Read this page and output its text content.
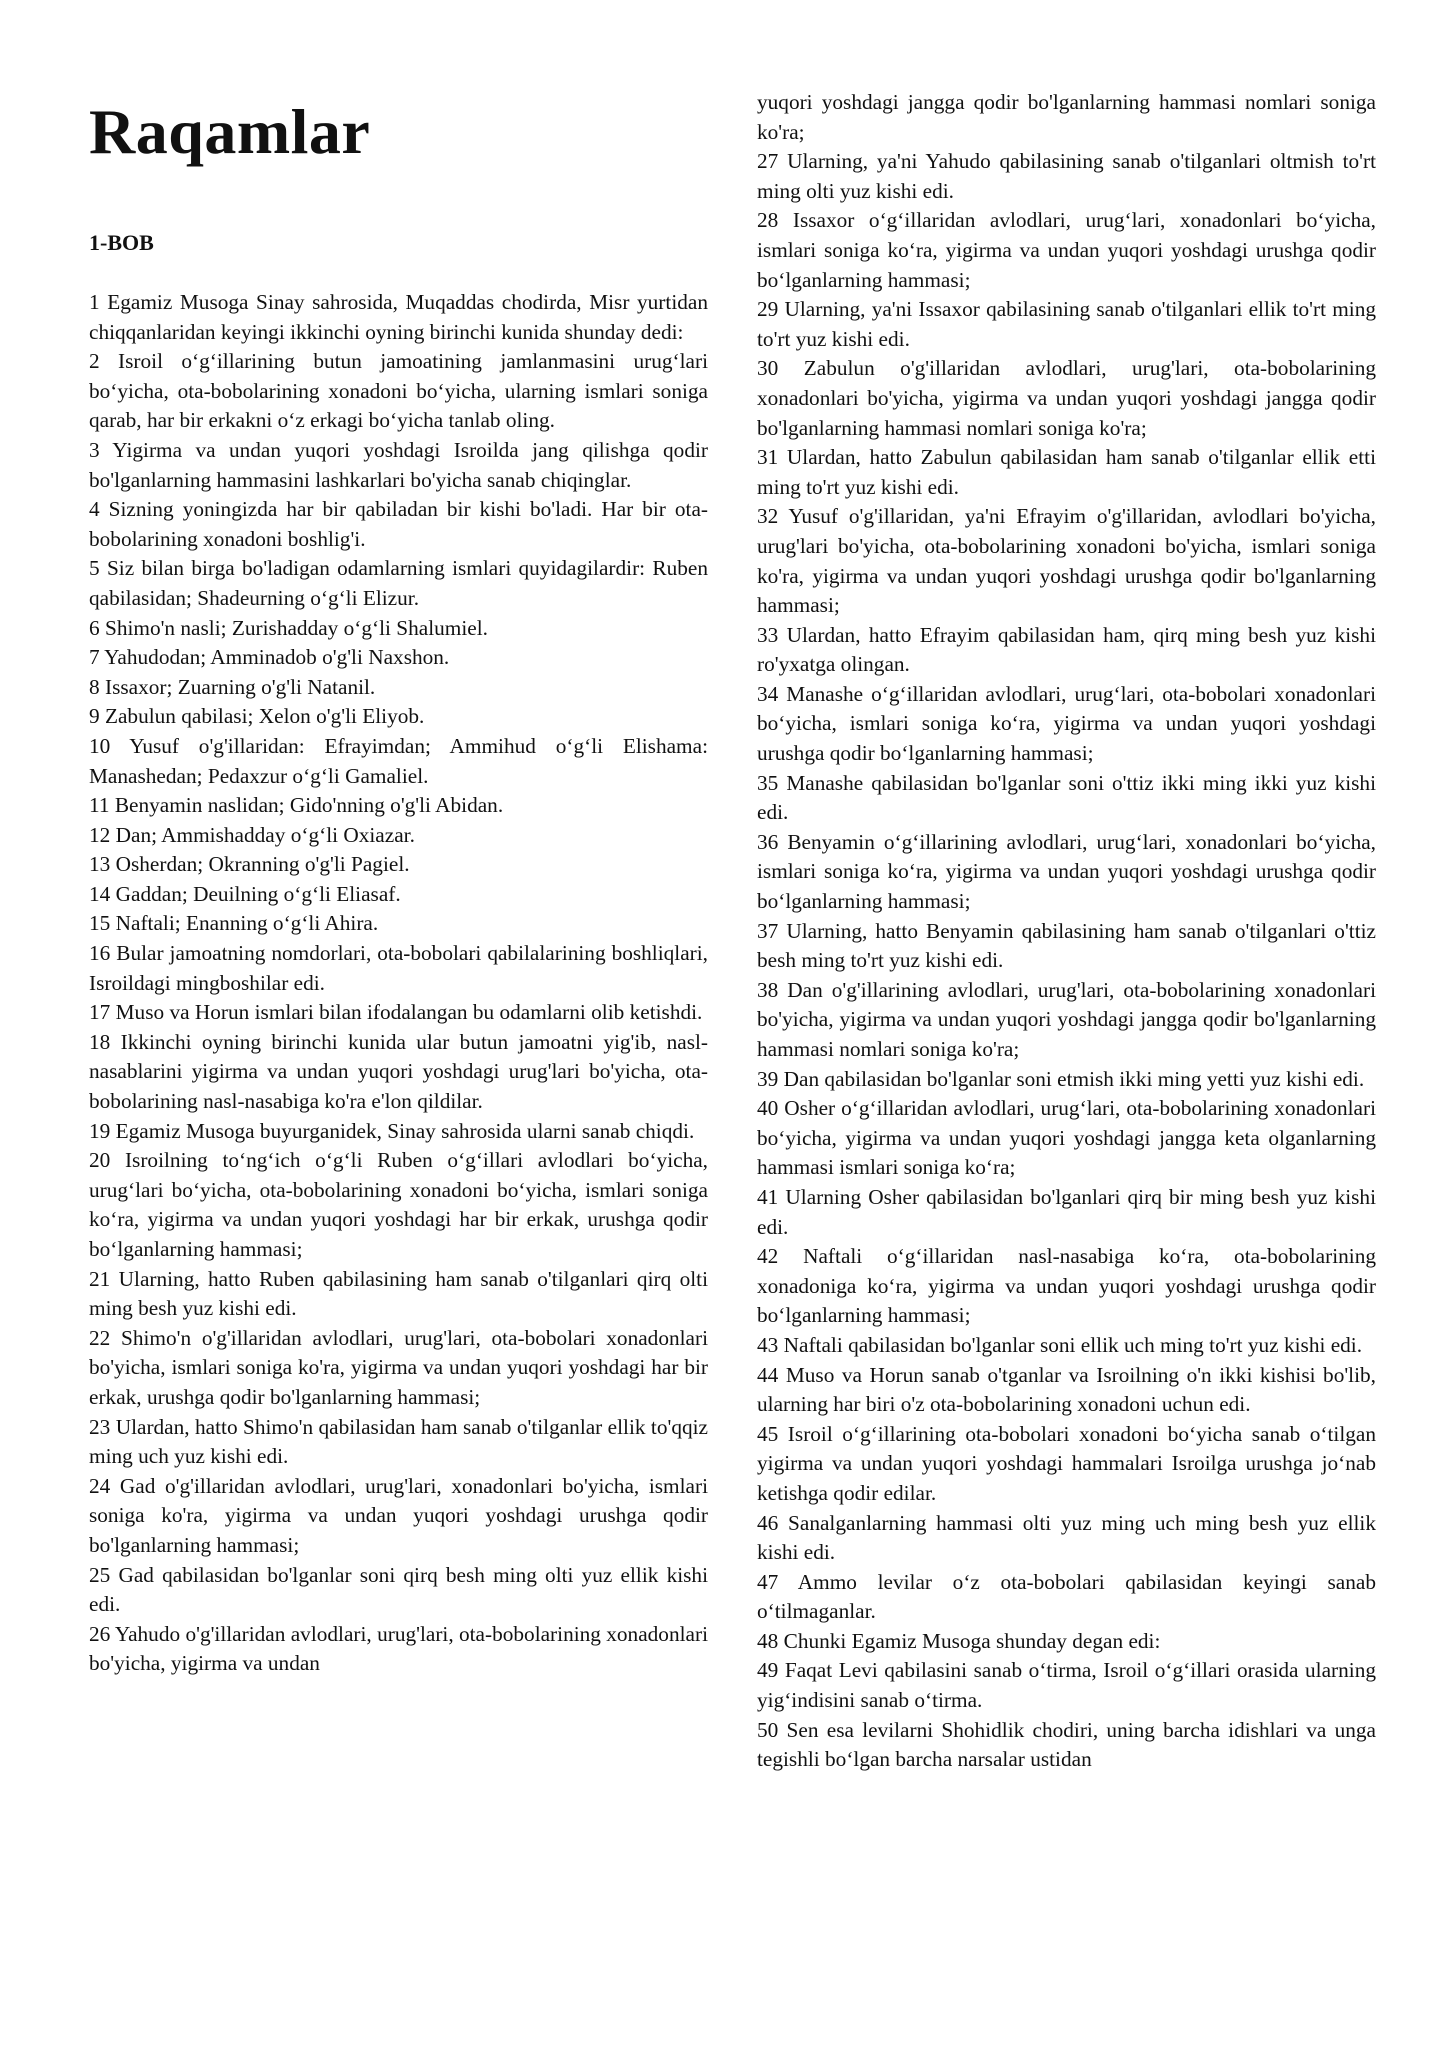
Raqamlar
1-BOB

1 Egamiz Musoga Sinay sahrosida, Muqaddas chodirda, Misr yurtidan chiqqanlaridan keyingi ikkinchi oyning birinchi kunida shunday dedi:

2 Isroil o‘g‘illarining butun jamoatining jamlanmasini urug‘lari bo‘yicha, ota-bobolarining xonadoni bo‘yicha, ularning ismlari soniga qarab, har bir erkakni o‘z erkagi bo‘yicha tanlab oling.

3 Yigirma va undan yuqori yoshdagi Isroilda jang qilishga qodir bo'lganlarning hammasini lashkarlari bo'yicha sanab chiqinglar.

4 Sizning yoningizda har bir qabiladan bir kishi bo'ladi. Har bir ota-bobolarining xonadoni boshlig'i.

5 Siz bilan birga bo'ladigan odamlarning ismlari quyidagilardir: Ruben qabilasidan; Shadeurning o‘g‘li Elizur.

6 Shimo'n nasli; Zurishadday o‘g‘li Shalumiel.

7 Yahudodan; Amminadob o'g'li Naxshon.

8 Issaxor; Zuarning o'g'li Natanil.

9 Zabulun qabilasi; Xelon o'g'li Eliyob.

10 Yusuf o'g'illaridan: Efrayimdan; Ammihud o‘g‘li Elishama: Manashedan; Pedaxzur o‘g‘li Gamaliel.

11 Benyamin naslidan; Gido'nning o'g'li Abidan.

12 Dan; Ammishadday o‘g‘li Oxiazar.

13 Osherdan; Okranning o'g'li Pagiel.

14 Gaddan; Deuilning o‘g‘li Eliasaf.

15 Naftali; Enanning o‘g‘li Ahira.

16 Bular jamoatning nomdorlari, ota-bobolari qabilalarining boshliqlari, Isroildagi mingboshilar edi.

17 Muso va Horun ismlari bilan ifodalangan bu odamlarni olib ketishdi.

18 Ikkinchi oyning birinchi kunida ular butun jamoatni yig'ib, nasl-nasablarini yigirma va undan yuqori yoshdagi urug'lari bo'yicha, ota-bobolarining nasl-nasabiga ko'ra e'lon qildilar.

19 Egamiz Musoga buyurganidek, Sinay sahrosida ularni sanab chiqdi.

20 Isroilning to‘ng‘ich o‘g‘li Ruben o‘g‘illari avlodlari bo‘yicha, urug‘lari bo‘yicha, ota-bobolarining xonadoni bo‘yicha, ismlari soniga ko‘ra, yigirma va undan yuqori yoshdagi har bir erkak, urushga qodir bo‘lganlarning hammasi;

21 Ularning, hatto Ruben qabilasining ham sanab o'tilganlari qirq olti ming besh yuz kishi edi.

22 Shimo'n o'g'illaridan avlodlari, urug'lari, ota-bobolari xonadonlari bo'yicha, ismlari soniga ko'ra, yigirma va undan yuqori yoshdagi har bir erkak, urushga qodir bo'lganlarning hammasi;

23 Ulardan, hatto Shimo'n qabilasidan ham sanab o'tilganlar ellik to'qqiz ming uch yuz kishi edi.

24 Gad o'g'illaridan avlodlari, urug'lari, xonadonlari bo'yicha, ismlari soniga ko'ra, yigirma va undan yuqori yoshdagi urushga qodir bo'lganlarning hammasi;

25 Gad qabilasidan bo'lganlar soni qirq besh ming olti yuz ellik kishi edi.

26 Yahudo o'g'illaridan avlodlari, urug'lari, ota-bobolarining xonadonlari bo'yicha, yigirma va undan

yuqori yoshdagi jangga qodir bo'lganlarning hammasi nomlari soniga ko'ra;

27 Ularning, ya'ni Yahudo qabilasining sanab o'tilganlari oltmish to'rt ming olti yuz kishi edi.

28 Issaxor o‘g‘illaridan avlodlari, urug‘lari, xonadonlari bo‘yicha, ismlari soniga ko‘ra, yigirma va undan yuqori yoshdagi urushga qodir bo‘lganlarning hammasi;

29 Ularning, ya'ni Issaxor qabilasining sanab o'tilganlari ellik to'rt ming to'rt yuz kishi edi.

30 Zabulun o'g'illaridan avlodlari, urug'lari, ota-bobolarining xonadonlari bo'yicha, yigirma va undan yuqori yoshdagi jangga qodir bo'lganlarning hammasi nomlari soniga ko'ra;

31 Ulardan, hatto Zabulun qabilasidan ham sanab o'tilganlar ellik etti ming to'rt yuz kishi edi.

32 Yusuf o'g'illaridan, ya'ni Efrayim o'g'illaridan, avlodlari bo'yicha, urug'lari bo'yicha, ota-bobolarining xonadoni bo'yicha, ismlari soniga ko'ra, yigirma va undan yuqori yoshdagi urushga qodir bo'lganlarning hammasi;

33 Ulardan, hatto Efrayim qabilasidan ham, qirq ming besh yuz kishi ro'yxatga olingan.

34 Manashe o‘g‘illaridan avlodlari, urug‘lari, ota-bobolari xonadonlari bo‘yicha, ismlari soniga ko‘ra, yigirma va undan yuqori yoshdagi urushga qodir bo‘lganlarning hammasi;

35 Manashe qabilasidan bo'lganlar soni o'ttiz ikki ming ikki yuz kishi edi.

36 Benyamin o‘g‘illarining avlodlari, urug‘lari, xonadonlari bo‘yicha, ismlari soniga ko‘ra, yigirma va undan yuqori yoshdagi urushga qodir bo‘lganlarning hammasi;

37 Ularning, hatto Benyamin qabilasining ham sanab o'tilganlari o'ttiz besh ming to'rt yuz kishi edi.

38 Dan o'g'illarining avlodlari, urug'lari, ota-bobolarining xonadonlari bo'yicha, yigirma va undan yuqori yoshdagi jangga qodir bo'lganlarning hammasi nomlari soniga ko'ra;

39 Dan qabilasidan bo'lganlar soni etmish ikki ming yetti yuz kishi edi.

40 Osher o‘g‘illaridan avlodlari, urug‘lari, ota-bobolarining xonadonlari bo‘yicha, yigirma va undan yuqori yoshdagi jangga keta olganlarning hammasi ismlari soniga ko‘ra;

41 Ularning Osher qabilasidan bo'lganlari qirq bir ming besh yuz kishi edi.

42 Naftali o‘g‘illaridan nasl-nasabiga ko‘ra, ota-bobolarining xonadoniga ko‘ra, yigirma va undan yuqori yoshdagi urushga qodir bo‘lganlarning hammasi;

43 Naftali qabilasidan bo'lganlar soni ellik uch ming to'rt yuz kishi edi.

44 Muso va Horun sanab o'tganlar va Isroilning o'n ikki kishisi bo'lib, ularning har biri o'z ota-bobolarining xonadoni uchun edi.

45 Isroil o‘g‘illarining ota-bobolari xonadoni bo‘yicha sanab o‘tilgan yigirma va undan yuqori yoshdagi hammalari Isroilga urushga jo‘nab ketishga qodir edilar.

46 Sanalganlarning hammasi olti yuz ming uch ming besh yuz ellik kishi edi.

47 Ammo levilar o‘z ota-bobolari qabilasidan keyingi sanab o‘tilmaganlar.

48 Chunki Egamiz Musoga shunday degan edi:

49 Faqat Levi qabilasini sanab o‘tirma, Isroil o‘g‘illari orasida ularning yig‘indisini sanab o‘tirma.

50 Sen esa levilarni Shohidlik chodiri, uning barcha idishlari va unga tegishli bo‘lgan barcha narsalar ustidan
